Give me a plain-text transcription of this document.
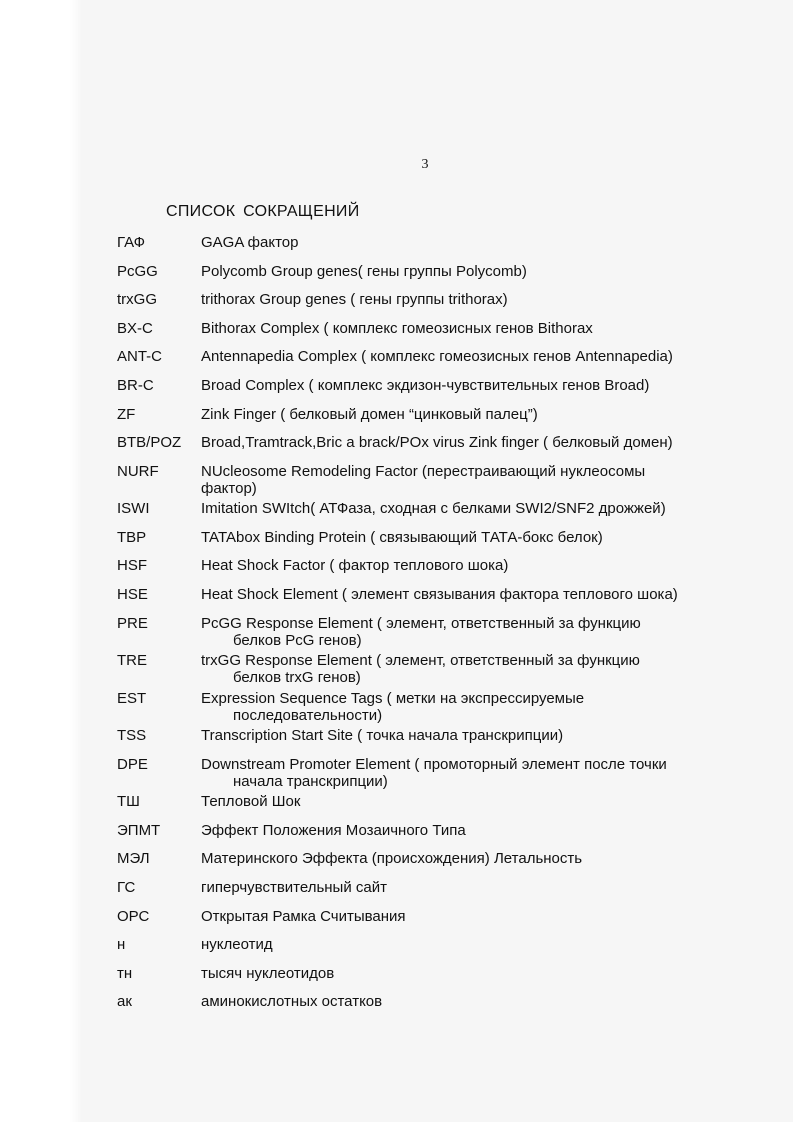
3
СПИСОК СОКРАЩЕНИЙ
ГАФ	GAGA фактор
PcGG	Polycomb Group genes( гены группы Polycomb)
trxGG	trithorax Group genes ( гены группы trithorax)
BX-C	Bithorax Complex ( комплекс гомеозисных генов Bithorax
ANT-C	Antennapedia Complex ( комплекс гомеозисных генов Antennapedia)
BR-C	Broad Complex ( комплекс экдизон-чувствительных генов Broad)
ZF	Zink Finger ( белковый домен “цинковый палец”)
BTB/POZ	Broad,Tramtrack,Bric a brack/POx virus Zink finger ( белковый домен)
NURF	NUcleosome Remodeling Factor (перестраивающий нуклеосомы
фактор)
ISWI	Imitation SWItch( АТФаза, сходная с белками SWI2/SNF2 дрожжей)
TBP	TATAbox Binding Protein ( связывающий ТАТА-бокс белок)
HSF	Heat Shock Factor ( фактор теплового шока)
HSE	Heat Shock Element ( элемент связывания фактора теплового шока)
PRE	PcGG Response Element ( элемент, ответственный за функцию
белков PcG генов)
TRE	trxGG Response Element ( элемент, ответственный за функцию
белков trxG генов)
EST	Expression Sequence Tags ( метки на экспрессируемые
последовательности)
TSS	Transcription Start Site ( точка начала транскрипции)
DPE	Downstream Promoter Element ( промоторный элемент после точки
начала транскрипции)
ТШ	Тепловой Шок
ЭПМТ	Эффект Положения Мозаичного Типа
МЭЛ	Материнского Эффекта (происхождения) Летальность
ГС	гиперчувствительный сайт
ОРС	Открытая Рамка Считывания
н	нуклеотид
тн	тысяч нуклеотидов
ак	аминокислотных остатков
